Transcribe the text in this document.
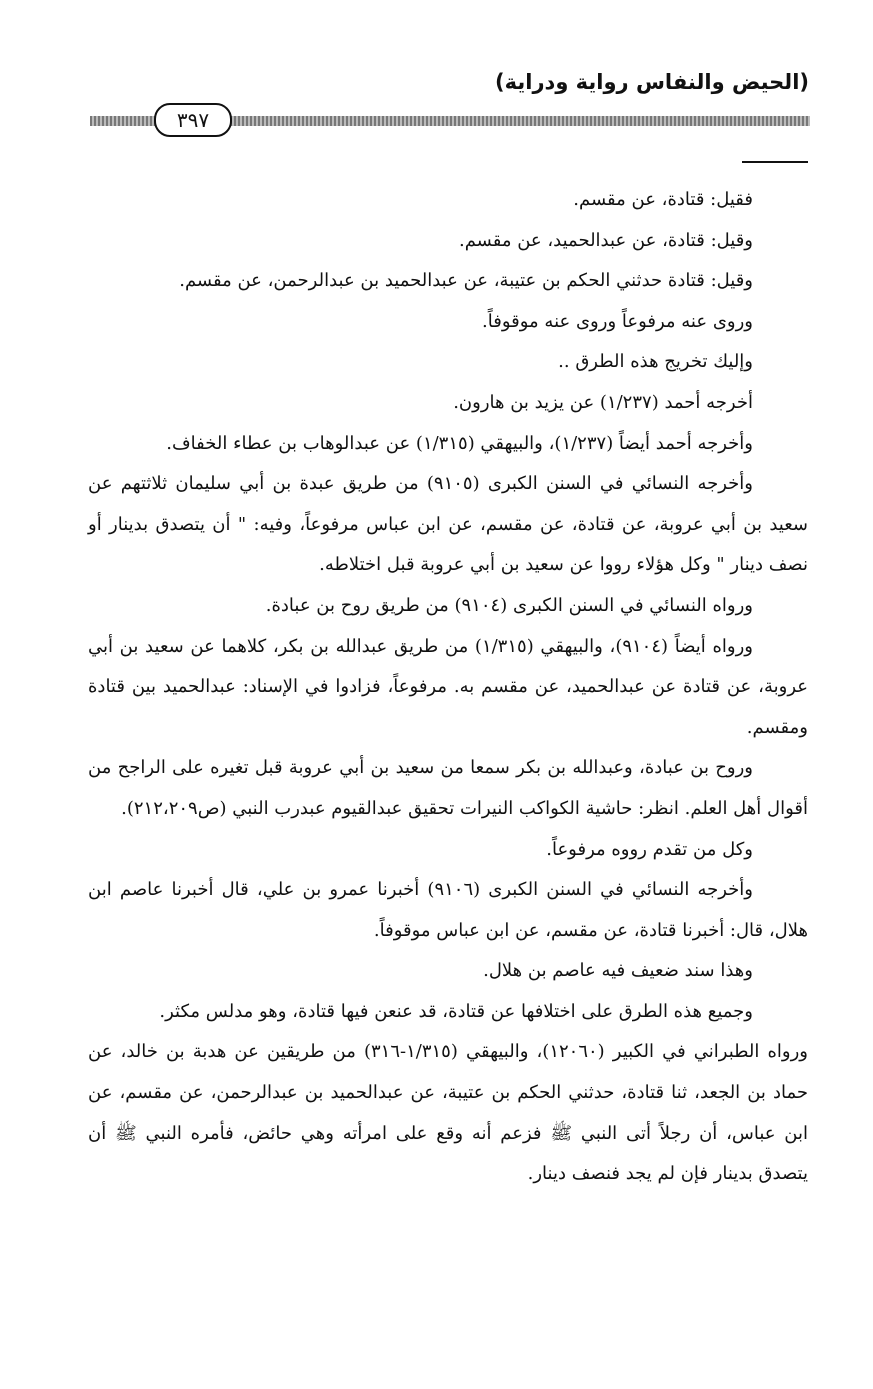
(الحيض والنفاس رواية ودراية)
٣٩٧

فقيل: قتادة، عن مقسم.

وقيل: قتادة، عن عبدالحميد، عن مقسم.

وقيل: قتادة حدثني الحكم بن عتيبة، عن عبدالحميد بن عبدالرحمن، عن مقسم.

وروى عنه مرفوعاً وروى عنه موقوفاً.

وإليك تخريج هذه الطرق ..

أخرجه أحمد (١/٢٣٧) عن يزيد بن هارون.

وأخرجه أحمد أيضاً (١/٢٣٧)، والبيهقي (١/٣١٥) عن عبدالوهاب بن عطاء الخفاف.

وأخرجه النسائي في السنن الكبرى (٩١٠٥) من طريق عبدة بن أبي سليمان ثلاثتهم عن سعيد بن أبي عروبة، عن قتادة، عن مقسم، عن ابن عباس مرفوعاً، وفيه: " أن يتصدق بدينار أو نصف دينار " وكل هؤلاء رووا عن سعيد بن أبي عروبة قبل اختلاطه.

ورواه النسائي في السنن الكبرى (٩١٠٤) من طريق روح بن عبادة.

ورواه أيضاً (٩١٠٤)، والبيهقي (١/٣١٥) من طريق عبدالله بن بكر، كلاهما عن سعيد بن أبي عروبة، عن قتادة عن عبدالحميد، عن مقسم به. مرفوعاً، فزادوا في الإسناد: عبدالحميد بين قتادة ومقسم.

وروح بن عبادة، وعبدالله بن بكر سمعا من سعيد بن أبي عروبة قبل تغيره على الراجح من أقوال أهل العلم. انظر: حاشية الكواكب النيرات تحقيق عبدالقيوم عبدرب النبي (ص٢١٢،٢٠٩).

وكل من تقدم رووه مرفوعاً.

وأخرجه النسائي في السنن الكبرى (٩١٠٦) أخبرنا عمرو بن علي، قال أخبرنا عاصم ابن هلال، قال: أخبرنا قتادة، عن مقسم، عن ابن عباس موقوفاً.

وهذا سند ضعيف فيه عاصم بن هلال.

وجميع هذه الطرق على اختلافها عن قتادة، قد عنعن فيها قتادة، وهو مدلس مكثر.

ورواه الطبراني في الكبير (١٢٠٦٠)، والبيهقي (١/٣١٥-٣١٦) من طريقين عن هدبة بن خالد، عن حماد بن الجعد، ثنا قتادة، حدثني الحكم بن عتيبة، عن عبدالحميد بن عبدالرحمن، عن مقسم، عن ابن عباس، أن رجلاً أتى النبي ﷺ فزعم أنه وقع على امرأته وهي حائض، فأمره النبي ﷺ أن يتصدق بدينار فإن لم يجد فنصف دينار.
